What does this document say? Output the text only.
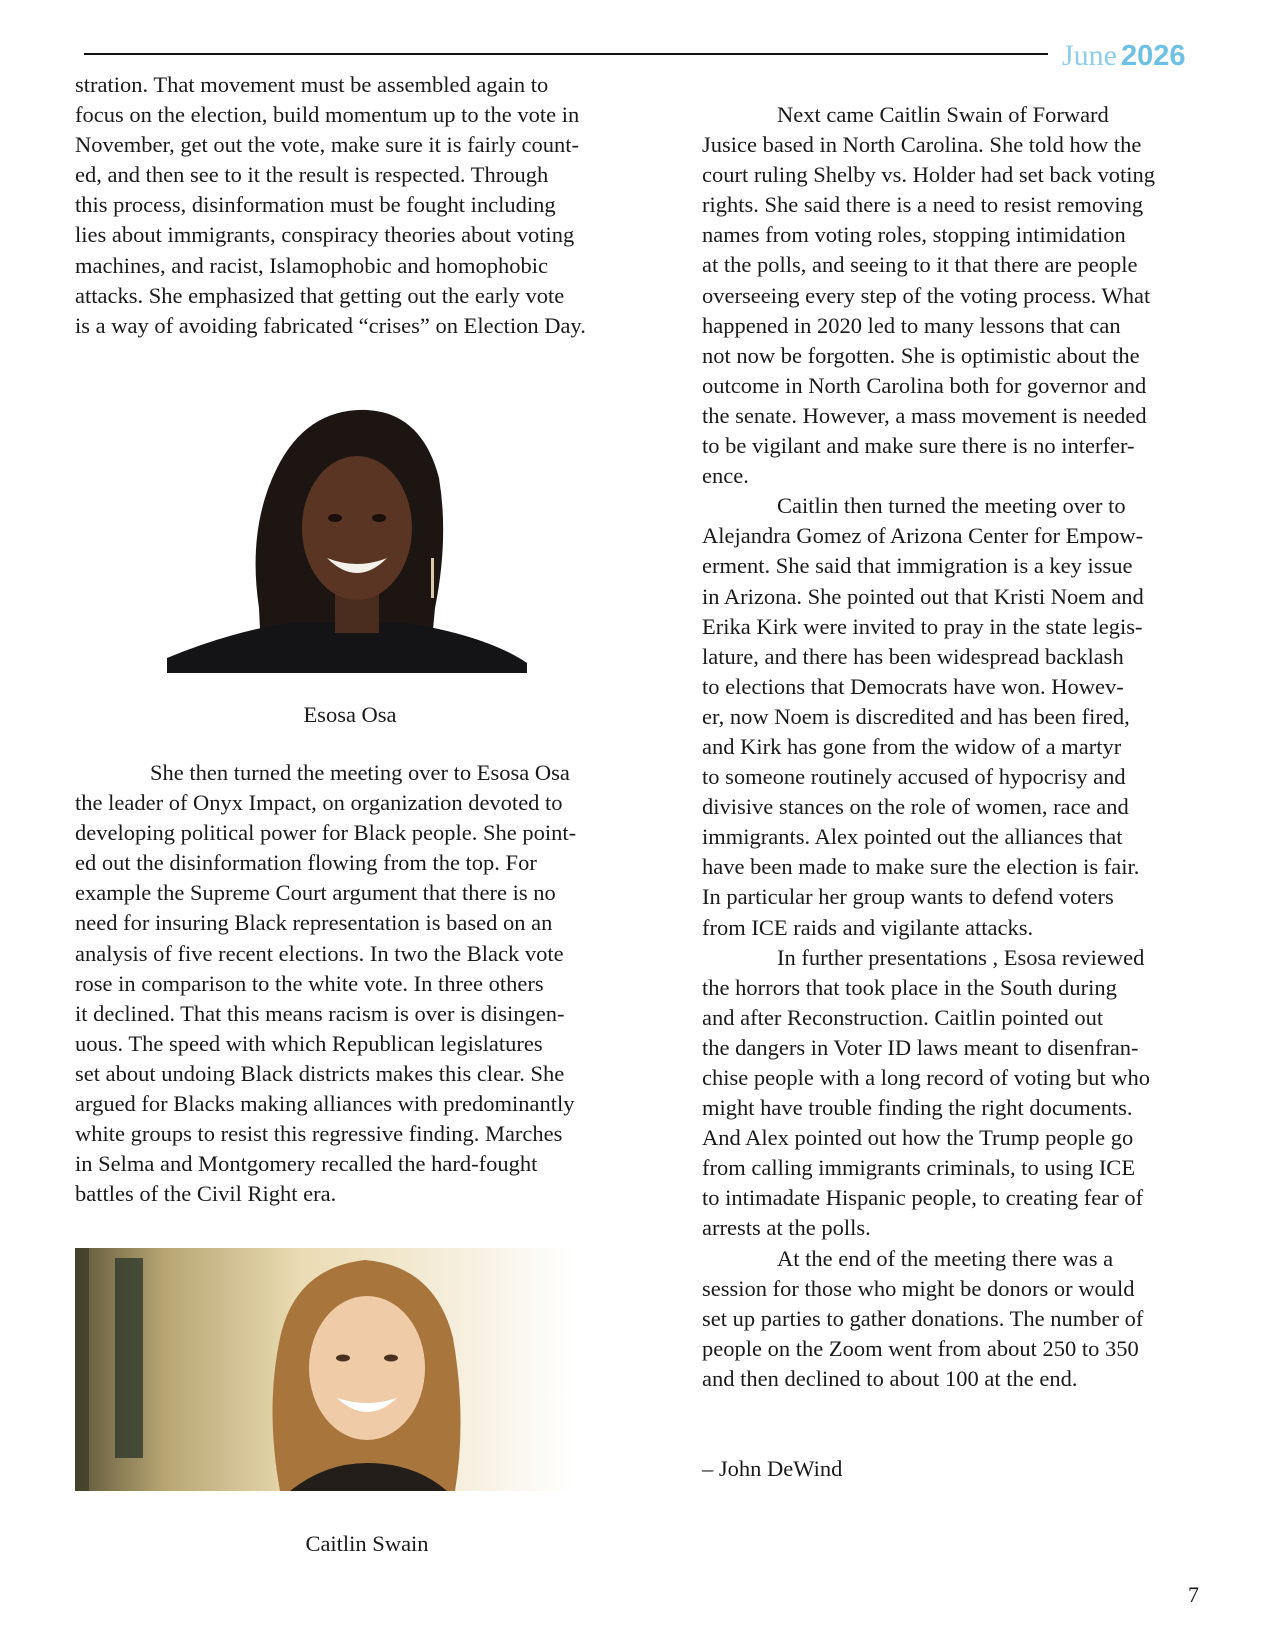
June 2026

stration. That movement must be assembled again to

focus on the election, build momentum up to the vote in

November, get out the vote, make sure it is fairly count-

ed, and then see to it the result is respected. Through

this process, disinformation must be fought including

lies about immigrants, conspiracy theories about voting

machines, and racist, Islamophobic and homophobic

attacks. She emphasized that getting out the early vote

is a way of avoiding fabricated “crises” on Election Day.

Esosa Osa

She then turned the meeting over to Esosa Osa

the leader of Onyx Impact, on organization devoted to

developing political power for Black people. She point-

ed out the disinformation flowing from the top. For

example the Supreme Court argument that there is no

need for insuring Black representation is based on an

analysis of five recent elections. In two the Black vote

rose in comparison to the white vote. In three others

it declined. That this means racism is over is disingen-

uous. The speed with which Republican legislatures

set about undoing Black districts makes this clear. She

argued for Blacks making alliances with predominantly

white groups to resist this regressive finding. Marches

in Selma and Montgomery recalled the hard-fought

battles of the Civil Right era.

Caitlin Swain

Next came Caitlin Swain of Forward

Jusice based in North Carolina. She told how the

court ruling Shelby vs. Holder had set back voting

rights. She said there is a need to resist removing

names from voting roles, stopping intimidation

at the polls, and seeing to it that there are people

overseeing every step of the voting process. What

happened in 2020 led to many lessons that can

not now be forgotten. She is optimistic about the

outcome in North Carolina both for governor and

the senate. However, a mass movement is needed

to be vigilant and make sure there is no interfer-

ence.

Caitlin then turned the meeting over to

Alejandra Gomez of Arizona Center for Empow-

erment. She said that immigration is a key issue

in Arizona. She pointed out that Kristi Noem and

Erika Kirk were invited to pray in the state legis-

lature, and there has been widespread backlash

to elections that Democrats have won. Howev-

er, now Noem is discredited and has been fired,

and Kirk has gone from the widow of a martyr

to someone routinely accused of hypocrisy and

divisive stances on the role of women, race and

immigrants. Alex pointed out the alliances that

have been made to make sure the election is fair.

In particular her group wants to defend voters

from ICE raids and vigilante attacks.

In further presentations , Esosa reviewed

the horrors that took place in the South during

and after Reconstruction. Caitlin pointed out

the dangers in Voter ID laws meant to disenfran-

chise people with a long record of voting but who

might have trouble finding the right documents.

And Alex pointed out how the Trump people go

from calling immigrants criminals, to using ICE

to intimadate Hispanic people, to creating fear of

arrests at the polls.

At the end of the meeting there was a

session for those who might be donors or would

set up parties to gather donations. The number of

people on the Zoom went from about 250 to 350

and then declined to about 100 at the end.

– John DeWind
7
